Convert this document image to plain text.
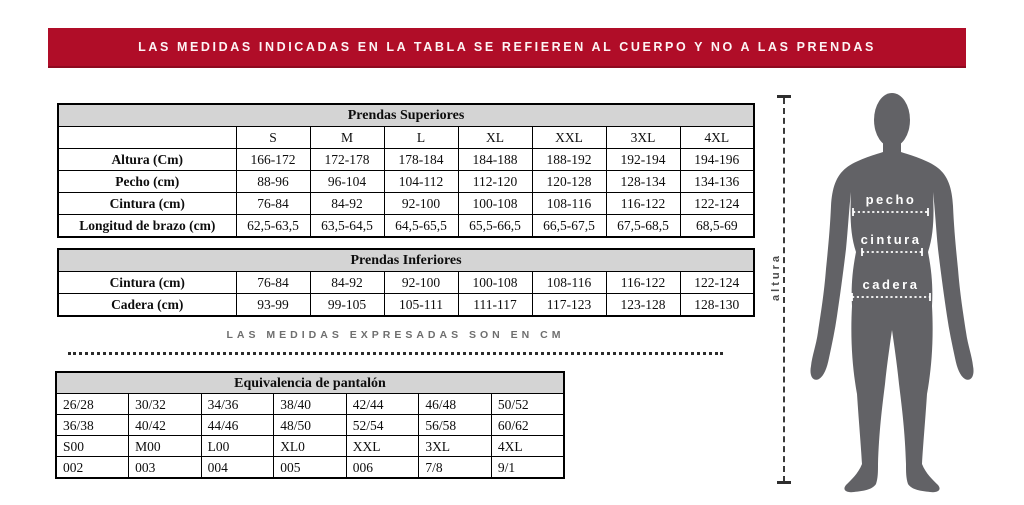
LAS MEDIDAS INDICADAS EN LA TABLA SE REFIEREN AL CUERPO Y NO A LAS PRENDAS
Prendas Superiores							
	S	M	L	XL	XXL	3XL	4XL
Altura (Cm)	166-172	172-178	178-184	184-188	188-192	192-194	194-196
Pecho (cm)	88-96	96-104	104-112	112-120	120-128	128-134	134-136
Cintura (cm)	76-84	84-92	92-100	100-108	108-116	116-122	122-124
Longitud de brazo (cm)	62,5-63,5	63,5-64,5	64,5-65,5	65,5-66,5	66,5-67,5	67,5-68,5	68,5-69
Prendas Inferiores							
Cintura (cm)	76-84	84-92	92-100	100-108	108-116	116-122	122-124
Cadera (cm)	93-99	99-105	105-111	111-117	117-123	123-128	128-130
LAS MEDIDAS EXPRESADAS SON EN CM
Equivalencia de pantalón						
26/28	30/32	34/36	38/40	42/44	46/48	50/52
36/38	40/42	44/46	48/50	52/54	56/58	60/62
S00	M00	L00	XL0	XXL	3XL	4XL
002	003	004	005	006	7/8	9/1
altura
pecho
cintura
cadera
